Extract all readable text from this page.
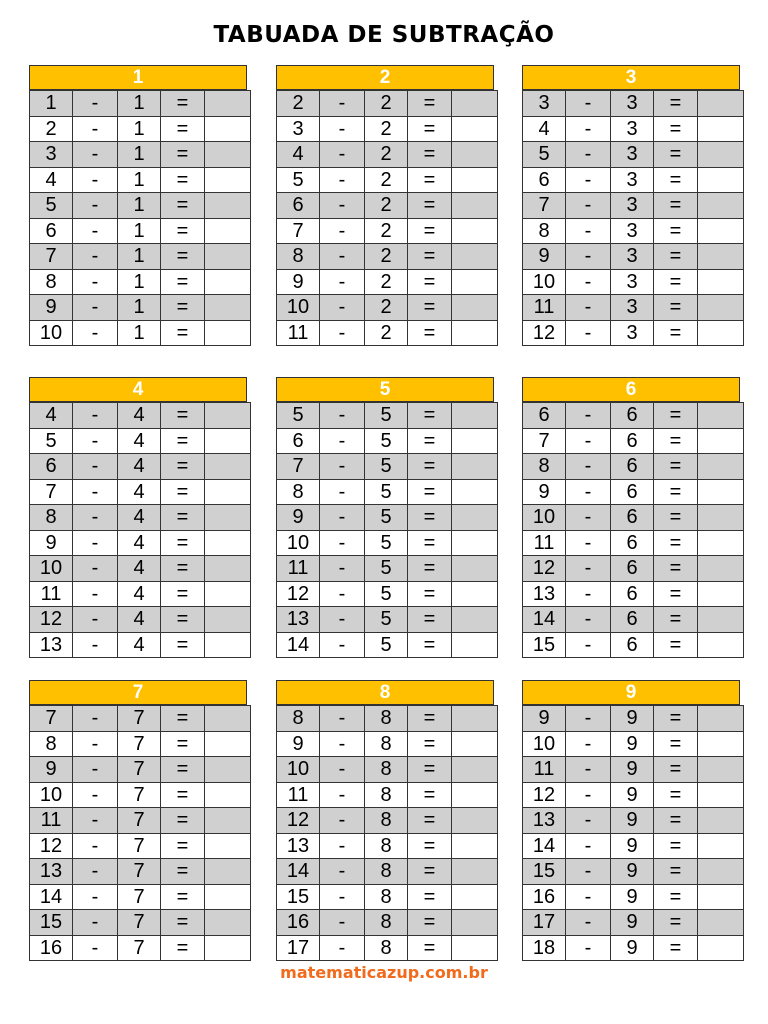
TABUADA DE SUBTRAÇÃO
1
1	-	1	=	
2	-	1	=	
3	-	1	=	
4	-	1	=	
5	-	1	=	
6	-	1	=	
7	-	1	=	
8	-	1	=	
9	-	1	=	
10	-	1	=	
2
2	-	2	=	
3	-	2	=	
4	-	2	=	
5	-	2	=	
6	-	2	=	
7	-	2	=	
8	-	2	=	
9	-	2	=	
10	-	2	=	
11	-	2	=	
3
3	-	3	=	
4	-	3	=	
5	-	3	=	
6	-	3	=	
7	-	3	=	
8	-	3	=	
9	-	3	=	
10	-	3	=	
11	-	3	=	
12	-	3	=	
4
4	-	4	=	
5	-	4	=	
6	-	4	=	
7	-	4	=	
8	-	4	=	
9	-	4	=	
10	-	4	=	
11	-	4	=	
12	-	4	=	
13	-	4	=	
5
5	-	5	=	
6	-	5	=	
7	-	5	=	
8	-	5	=	
9	-	5	=	
10	-	5	=	
11	-	5	=	
12	-	5	=	
13	-	5	=	
14	-	5	=	
6
6	-	6	=	
7	-	6	=	
8	-	6	=	
9	-	6	=	
10	-	6	=	
11	-	6	=	
12	-	6	=	
13	-	6	=	
14	-	6	=	
15	-	6	=	
7
7	-	7	=	
8	-	7	=	
9	-	7	=	
10	-	7	=	
11	-	7	=	
12	-	7	=	
13	-	7	=	
14	-	7	=	
15	-	7	=	
16	-	7	=	
8
8	-	8	=	
9	-	8	=	
10	-	8	=	
11	-	8	=	
12	-	8	=	
13	-	8	=	
14	-	8	=	
15	-	8	=	
16	-	8	=	
17	-	8	=	
9
9	-	9	=	
10	-	9	=	
11	-	9	=	
12	-	9	=	
13	-	9	=	
14	-	9	=	
15	-	9	=	
16	-	9	=	
17	-	9	=	
18	-	9	=	
matematicazup.com.br
